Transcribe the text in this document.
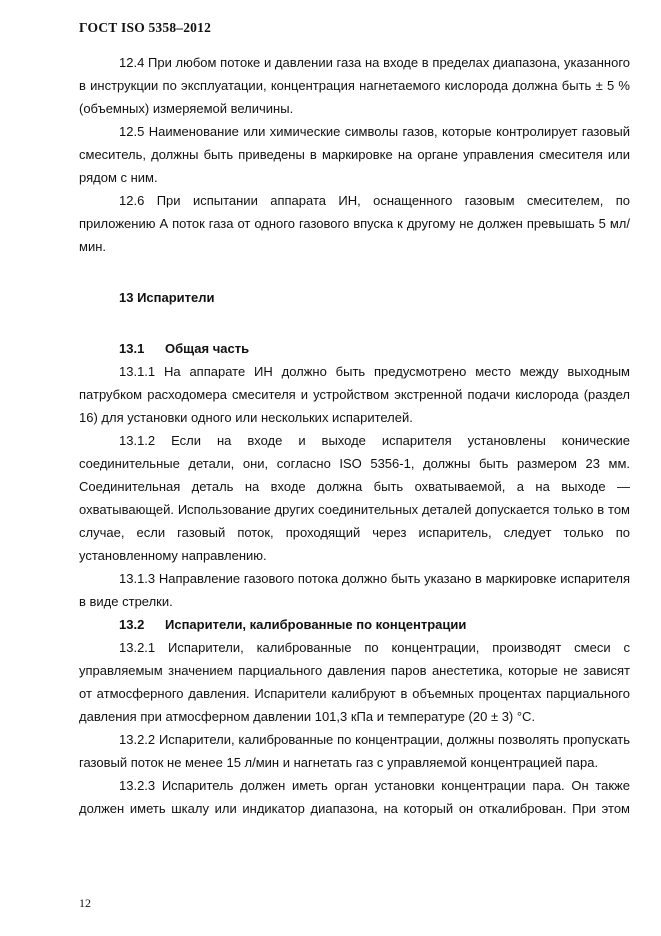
ГОСТ ISO 5358–2012

12.4 При любом потоке и давлении газа на входе в пределах диапазона, указанного в инструкции по эксплуатации, концентрация нагнетаемого кислорода должна быть ± 5 % (объемных) измеряемой величины.

12.5 Наименование или химические символы газов, которые контролирует газовый смеситель, должны быть приведены в маркировке на органе управления смесителя или рядом с ним.

12.6 При испытании аппарата ИН, оснащенного газовым смесителем, по приложению А поток газа от одного газового впуска к другому не должен превышать 5 мл/мин.

13 Испарители

13.1 Общая часть

13.1.1 На аппарате ИН должно быть предусмотрено место между выходным патрубком расходомера смесителя и устройством экстренной подачи кислорода (раздел 16) для установки одного или нескольких испарителей.

13.1.2 Если на входе и выходе испарителя установлены конические соединительные детали, они, согласно ISO 5356-1, должны быть размером 23 мм. Соединительная деталь на входе должна быть охватываемой, а на выходе — охватывающей. Использование других соединительных деталей допускается только в том случае, если газовый поток, проходящий через испаритель, следует только по установленному направлению.

13.1.3 Направление газового потока должно быть указано в маркировке испарителя в виде стрелки.

13.2 Испарители, калиброванные по концентрации

13.2.1 Испарители, калиброванные по концентрации, производят смеси с управляемым значением парциального давления паров анестетика, которые не зависят от атмосферного давления. Испарители калибруют в объемных процентах парциального давления при атмосферном давлении 101,3 кПа и температуре (20 ± 3) °С.

13.2.2 Испарители, калиброванные по концентрации, должны позволять пропускать газовый поток не менее 15 л/мин и нагнетать газ с управляемой концентрацией пара.

13.2.3 Испаритель должен иметь орган установки концентрации пара. Он также должен иметь шкалу или индикатор диапазона, на который он откалиброван. При этом

12
